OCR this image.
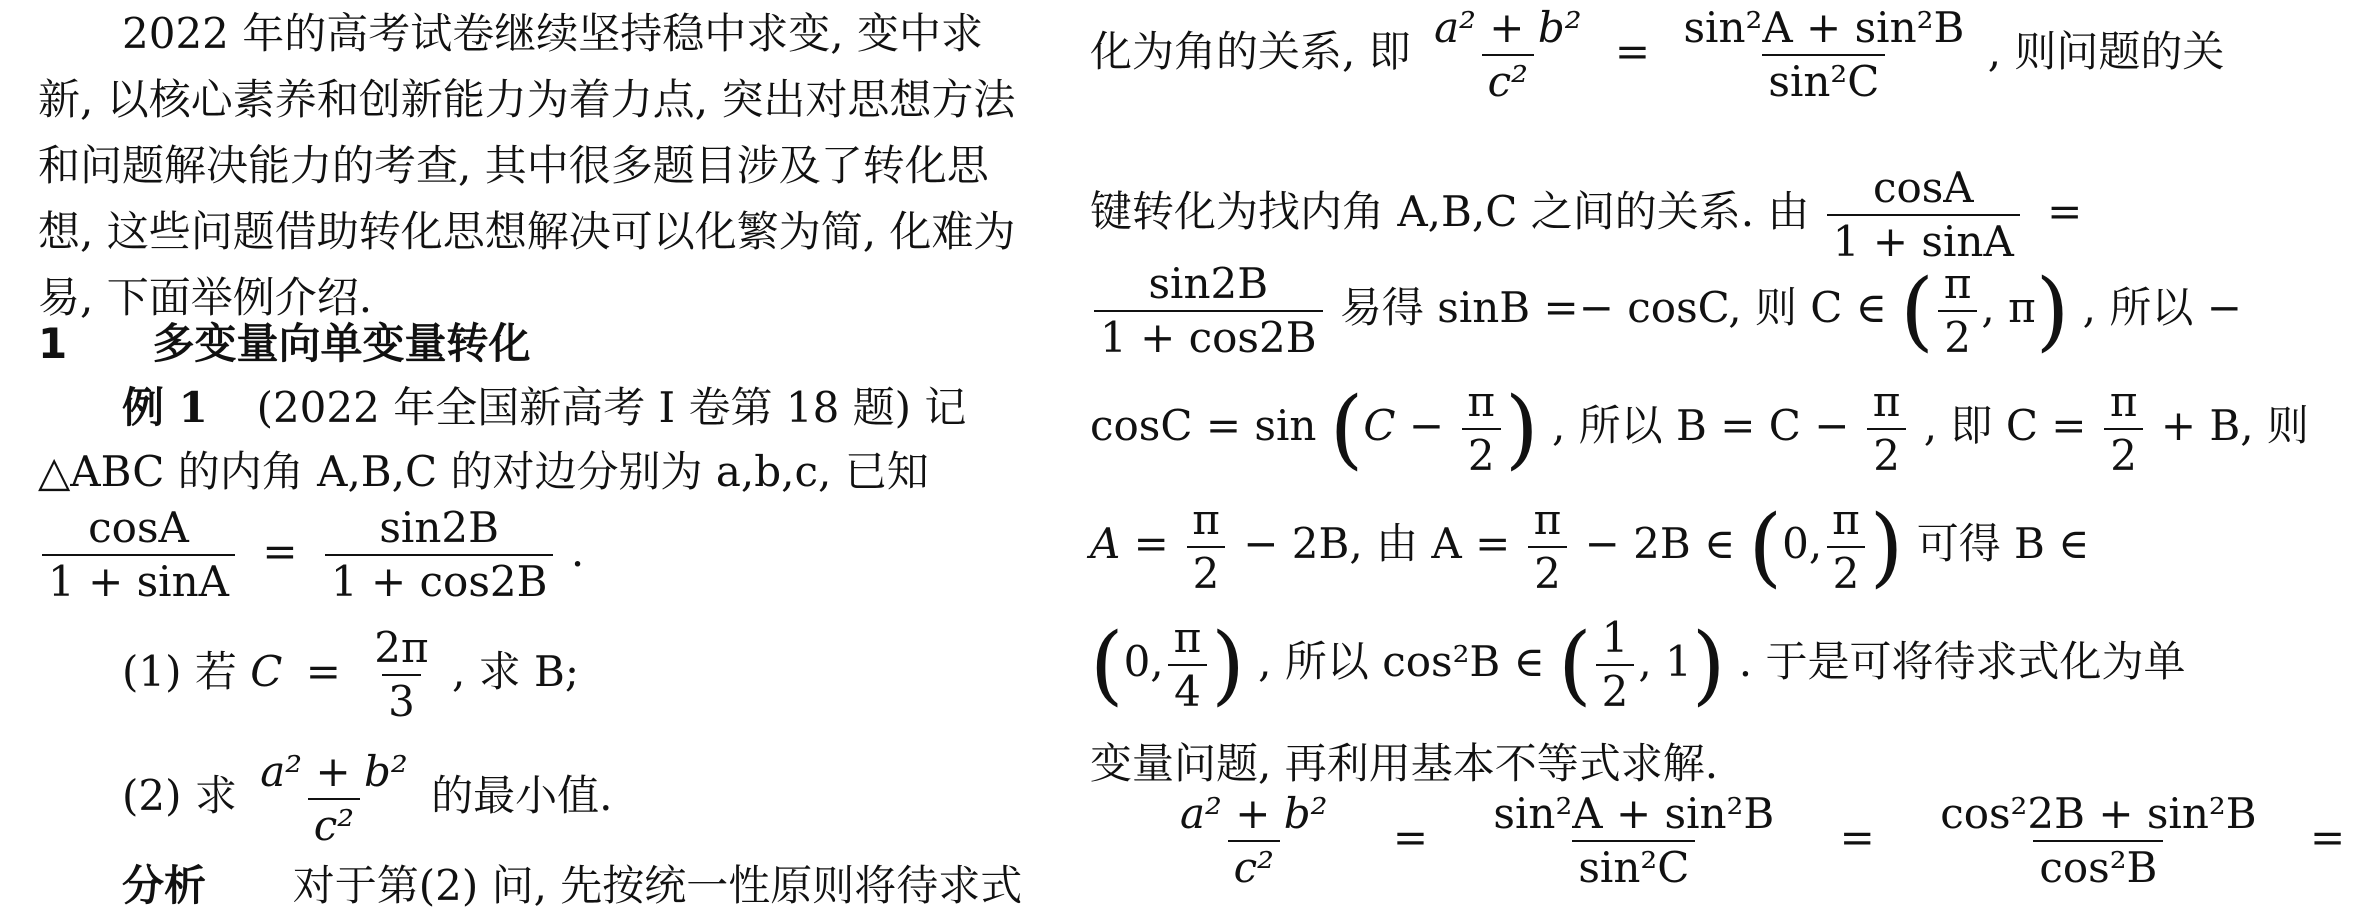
2022 年的高考试卷继续坚持稳中求变, 变中求
新, 以核心素养和创新能力为着力点, 突出对思想方法
和问题解决能力的考查, 其中很多题目涉及了转化思
想, 这些问题借助转化思想解决可以化繁为简, 化难为
易, 下面举例介绍.
1 多变量向单变量转化
例 1 (2022 年全国新高考 Ⅰ 卷第 18 题) 记
△ABC 的内角 A,B,C 的对边分别为 a,b,c, 已知
$\frac{\cos A}{1 + \sin A} = \frac{\sin 2B}{1 + \cos 2B}$ .
(1) 若 $C = \frac{2\pi}{3}$ , 求 B;
(2) 求 $\frac{\text{a² + b²}}{\text{c²}}$ 的最小值.
分析 对于第(2) 问, 先按统一性原则将待求式
化为角的关系, 即 $\frac{\text{a² + b²}}{\text{c²}} = \frac{\text{sin²A + sin²B}}{\text{sin²C}}$ , 则问题的关
键转化为找内角 A,B,C 之间的关系. 由 $\frac{\cos A}{1 + \sin A}$ =
$\frac{\sin 2B}{1 + \cos 2B}$ 易得 sinB =− cosC, 则 C ∈ ( $\frac{\pi}{2}$ , π) , 所以 −
$\cos C = \sin (C - \frac{\pi}{2}$ ) , 所以 $B = C - \frac{\pi}{2}$ , 即 $C = \frac{\pi}{2} + B$, 则
$A = \frac{\pi}{2} - 2B$, 由 $A = \frac{\pi}{2} - 2B$ ∈ (0, $\frac{\pi}{2}$ ) 可得 B ∈
(0, $\frac{\pi}{4}$ ) , 所以 cos²B ∈ ( $\frac{1}{2}$ , 1) . 于是可将待求式化为单
变量问题, 再利用基本不等式求解.
$\frac{\text{a² + b²}}{\text{c²}} = \frac{\text{sin²A + sin²B}}{\text{sin²C}} = \frac{\text{cos²2B + sin²B}}{\text{cos²B}}$ =
